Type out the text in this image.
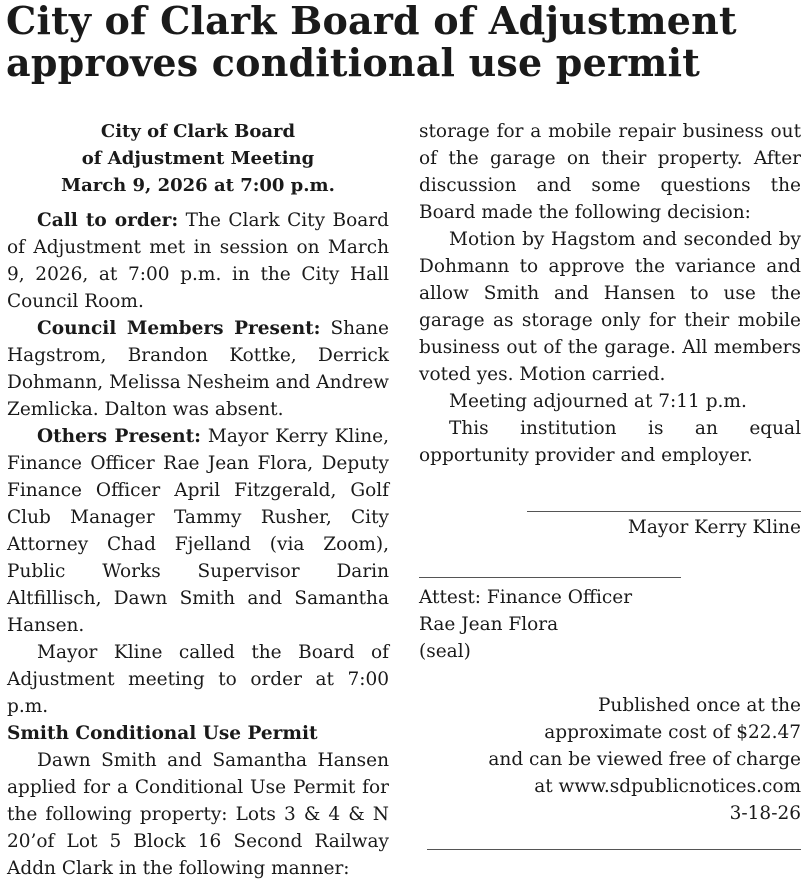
City of Clark Board of Adjustment
approves conditional use permit
City of Clark Board
of Adjustment Meeting
March 9, 2026 at 7:00 p.m.

Call to order: The Clark City Board of Adjustment met in session on March 9, 2026, at 7:00 p.m. in the City Hall Council Room.

Council Members Present: Shane Hagstrom, Brandon Kottke, Derrick Dohmann, Melissa Nesheim and Andrew Zemlicka. Dalton was absent.

Others Present: Mayor Kerry Kline, Finance Officer Rae Jean Flora, Deputy Finance Officer April Fitzgerald, Golf Club Manager Tammy Rusher, City Attorney Chad Fjelland (via Zoom), Public Works Supervisor Darin Altfillisch, Dawn Smith and Samantha Hansen.

Mayor Kline called the Board of Adjustment meeting to order at 7:00 p.m.

Smith Conditional Use Permit

Dawn Smith and Samantha Hansen applied for a Conditional Use Permit for the following property: Lots 3 & 4 & N 20’of Lot 5 Block 16 Second Railway Addn Clark in the following manner:

storage for a mobile repair business out of the garage on their property. After discussion and some questions the Board made the following decision:

Motion by Hagstom and seconded by Dohmann to approve the variance and allow Smith and Hansen to use the garage as storage only for their mobile business out of the garage. All members voted yes. Motion carried.

Meeting adjourned at 7:11 p.m.

This institution is an equal opportunity provider and employer.

Mayor Kerry Kline

Attest: Finance Officer

Rae Jean Flora

(seal)

Published once at the
approximate cost of $22.47
and can be viewed free of charge
at www.sdpublicnotices.com
3-18-26
